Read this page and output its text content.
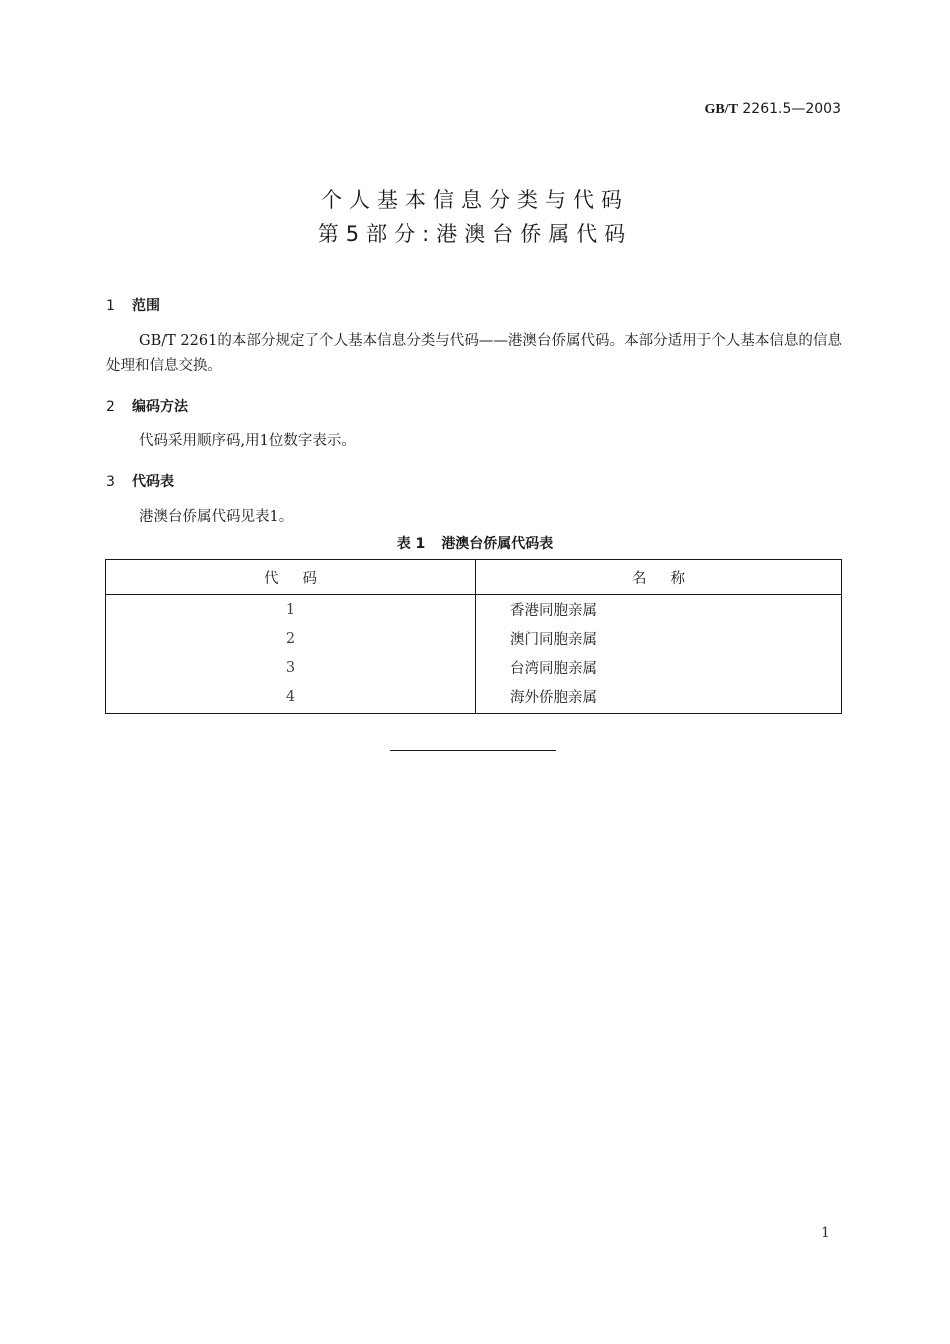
GB/T 2261.5—2003
个人基本信息分类与代码
第5部分:港澳台侨属代码
1 范围
GB/T 2261的本部分规定了个人基本信息分类与代码——港澳台侨属代码。本部分适用于个人基本信息的信息处理和信息交换。
2 编码方法
代码采用顺序码,用1位数字表示。
3 代码表
港澳台侨属代码见表1。
表 1 港澳台侨属代码表
代码	名称
1	香港同胞亲属
2	澳门同胞亲属
3	台湾同胞亲属
4	海外侨胞亲属
1
